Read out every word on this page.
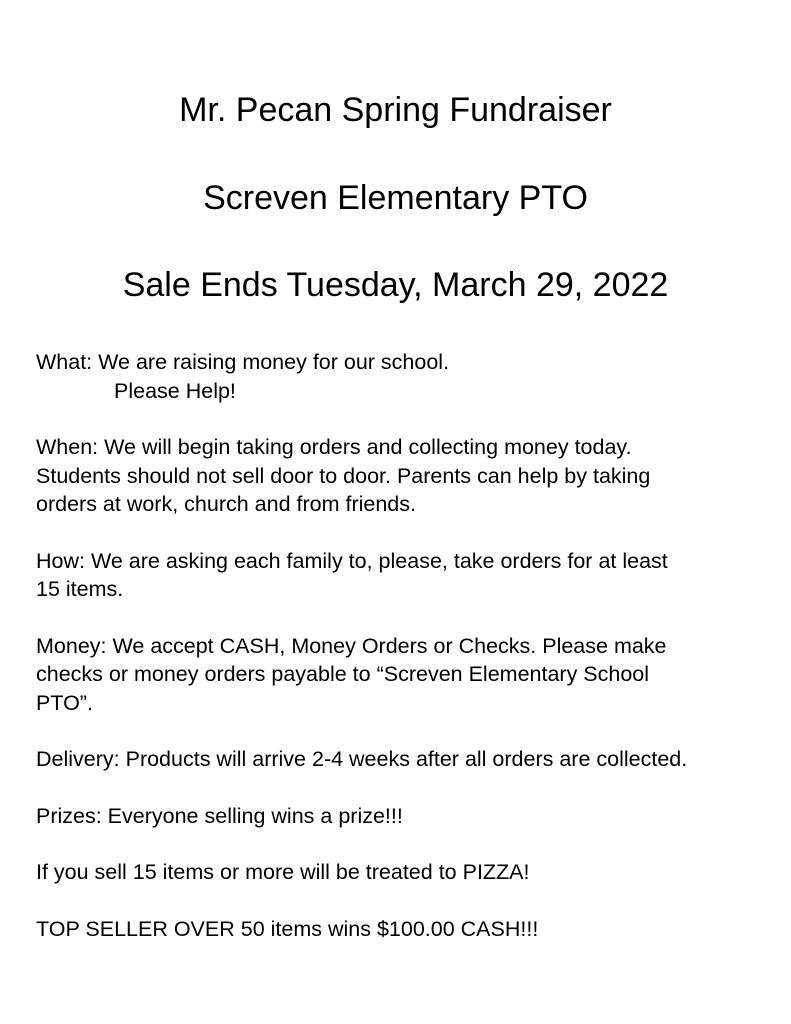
Mr. Pecan Spring Fundraiser
Screven Elementary PTO
Sale Ends Tuesday, March 29, 2022
What: We are raising money for our school.
Please Help!
When: We will begin taking orders and collecting money today.
Students should not sell door to door. Parents can help by taking
orders at work, church and from friends.
How: We are asking each family to, please, take orders for at least
15 items.
Money: We accept CASH, Money Orders or Checks. Please make
checks or money orders payable to “Screven Elementary School
PTO”.
Delivery: Products will arrive 2-4 weeks after all orders are collected.
Prizes: Everyone selling wins a prize!!!
If you sell 15 items or more will be treated to PIZZA!
TOP SELLER OVER 50 items wins $100.00 CASH!!!
